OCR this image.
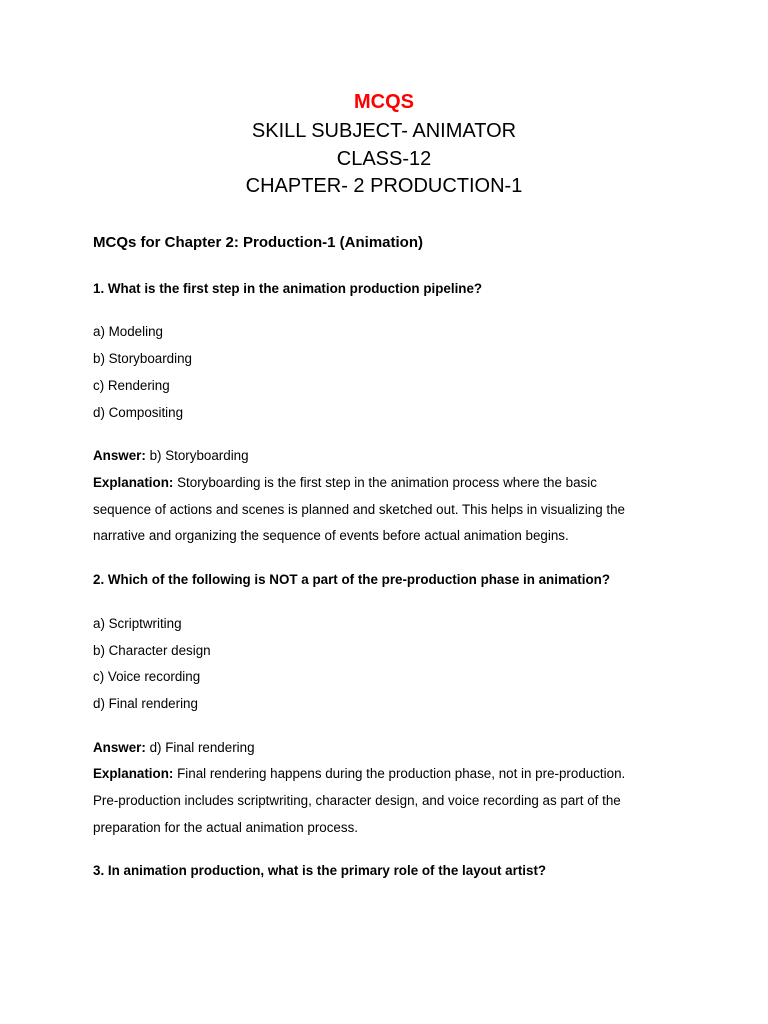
MCQS
SKILL SUBJECT- ANIMATOR
CLASS-12
CHAPTER- 2 PRODUCTION-1
MCQs for Chapter 2: Production-1 (Animation)
1. What is the first step in the animation production pipeline?
a) Modeling
b) Storyboarding
c) Rendering
d) Compositing
Answer: b) Storyboarding
Explanation: Storyboarding is the first step in the animation process where the basic
sequence of actions and scenes is planned and sketched out. This helps in visualizing the
narrative and organizing the sequence of events before actual animation begins.
2. Which of the following is NOT a part of the pre-production phase in animation?
a) Scriptwriting
b) Character design
c) Voice recording
d) Final rendering
Answer: d) Final rendering
Explanation: Final rendering happens during the production phase, not in pre-production.
Pre-production includes scriptwriting, character design, and voice recording as part of the
preparation for the actual animation process.
3. In animation production, what is the primary role of the layout artist?
